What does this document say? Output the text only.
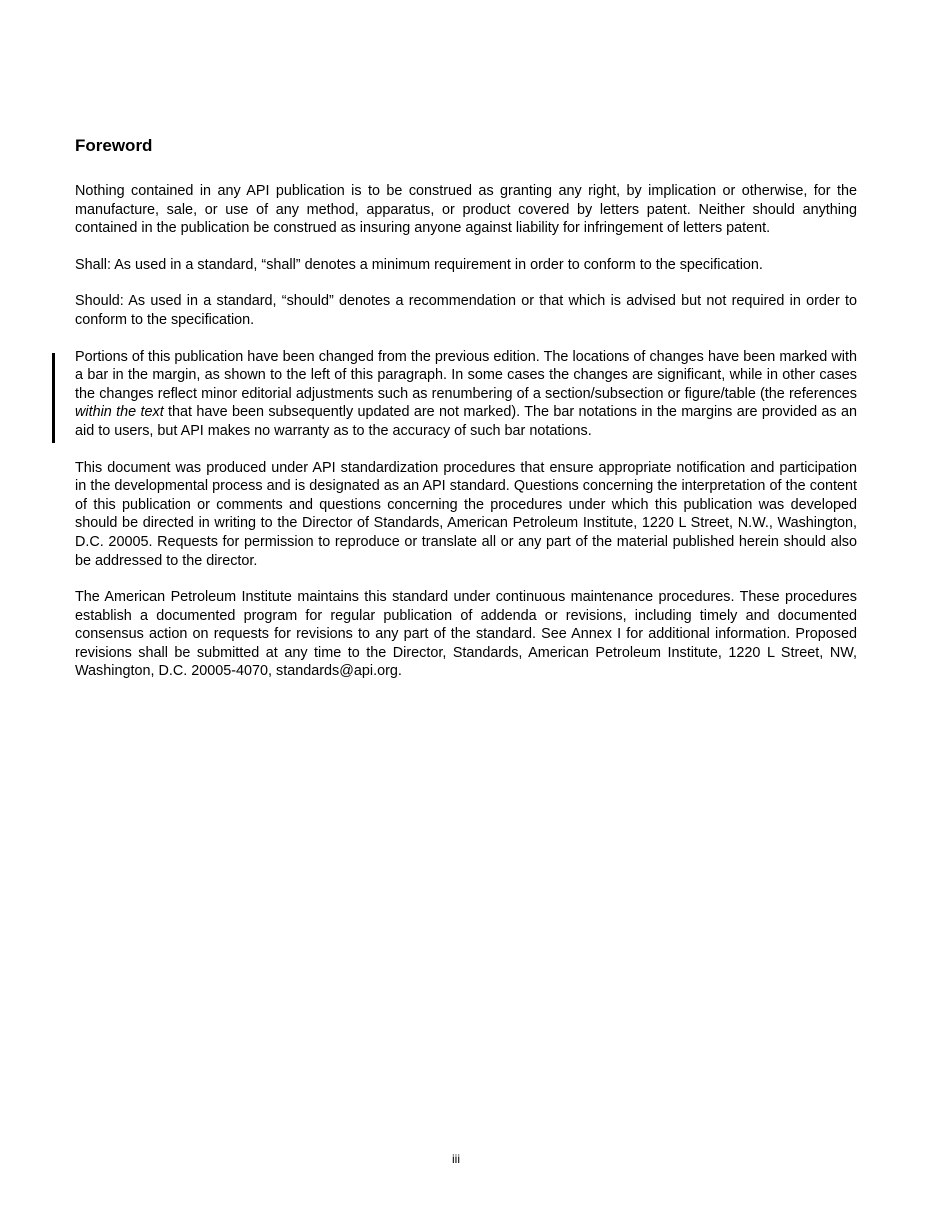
Foreword

Nothing contained in any API publication is to be construed as granting any right, by implication or otherwise, for the manufacture, sale, or use of any method, apparatus, or product covered by letters patent. Neither should anything contained in the publication be construed as insuring anyone against liability for infringement of letters patent.

Shall: As used in a standard, “shall” denotes a minimum requirement in order to conform to the specification.

Should: As used in a standard, “should” denotes a recommendation or that which is advised but not required in order to conform to the specification.

Portions of this publication have been changed from the previous edition. The locations of changes have been marked with a bar in the margin, as shown to the left of this paragraph. In some cases the changes are significant, while in other cases the changes reflect minor editorial adjustments such as renumbering of a section/subsection or figure/table (the references within the text that have been subsequently updated are not marked). The bar notations in the margins are provided as an aid to users, but API makes no warranty as to the accuracy of such bar notations.

This document was produced under API standardization procedures that ensure appropriate notification and participation in the developmental process and is designated as an API standard. Questions concerning the interpretation of the content of this publication or comments and questions concerning the procedures under which this publication was developed should be directed in writing to the Director of Standards, American Petroleum Institute, 1220 L Street, N.W., Washington, D.C. 20005. Requests for permission to reproduce or translate all or any part of the material published herein should also be addressed to the director.

The American Petroleum Institute maintains this standard under continuous maintenance procedures. These procedures establish a documented program for regular publication of addenda or revisions, including timely and documented consensus action on requests for revisions to any part of the standard. See Annex I for additional information. Proposed revisions shall be submitted at any time to the Director, Standards, American Petroleum Institute, 1220 L Street, NW, Washington, D.C. 20005-4070, standards@api.org.

iii
